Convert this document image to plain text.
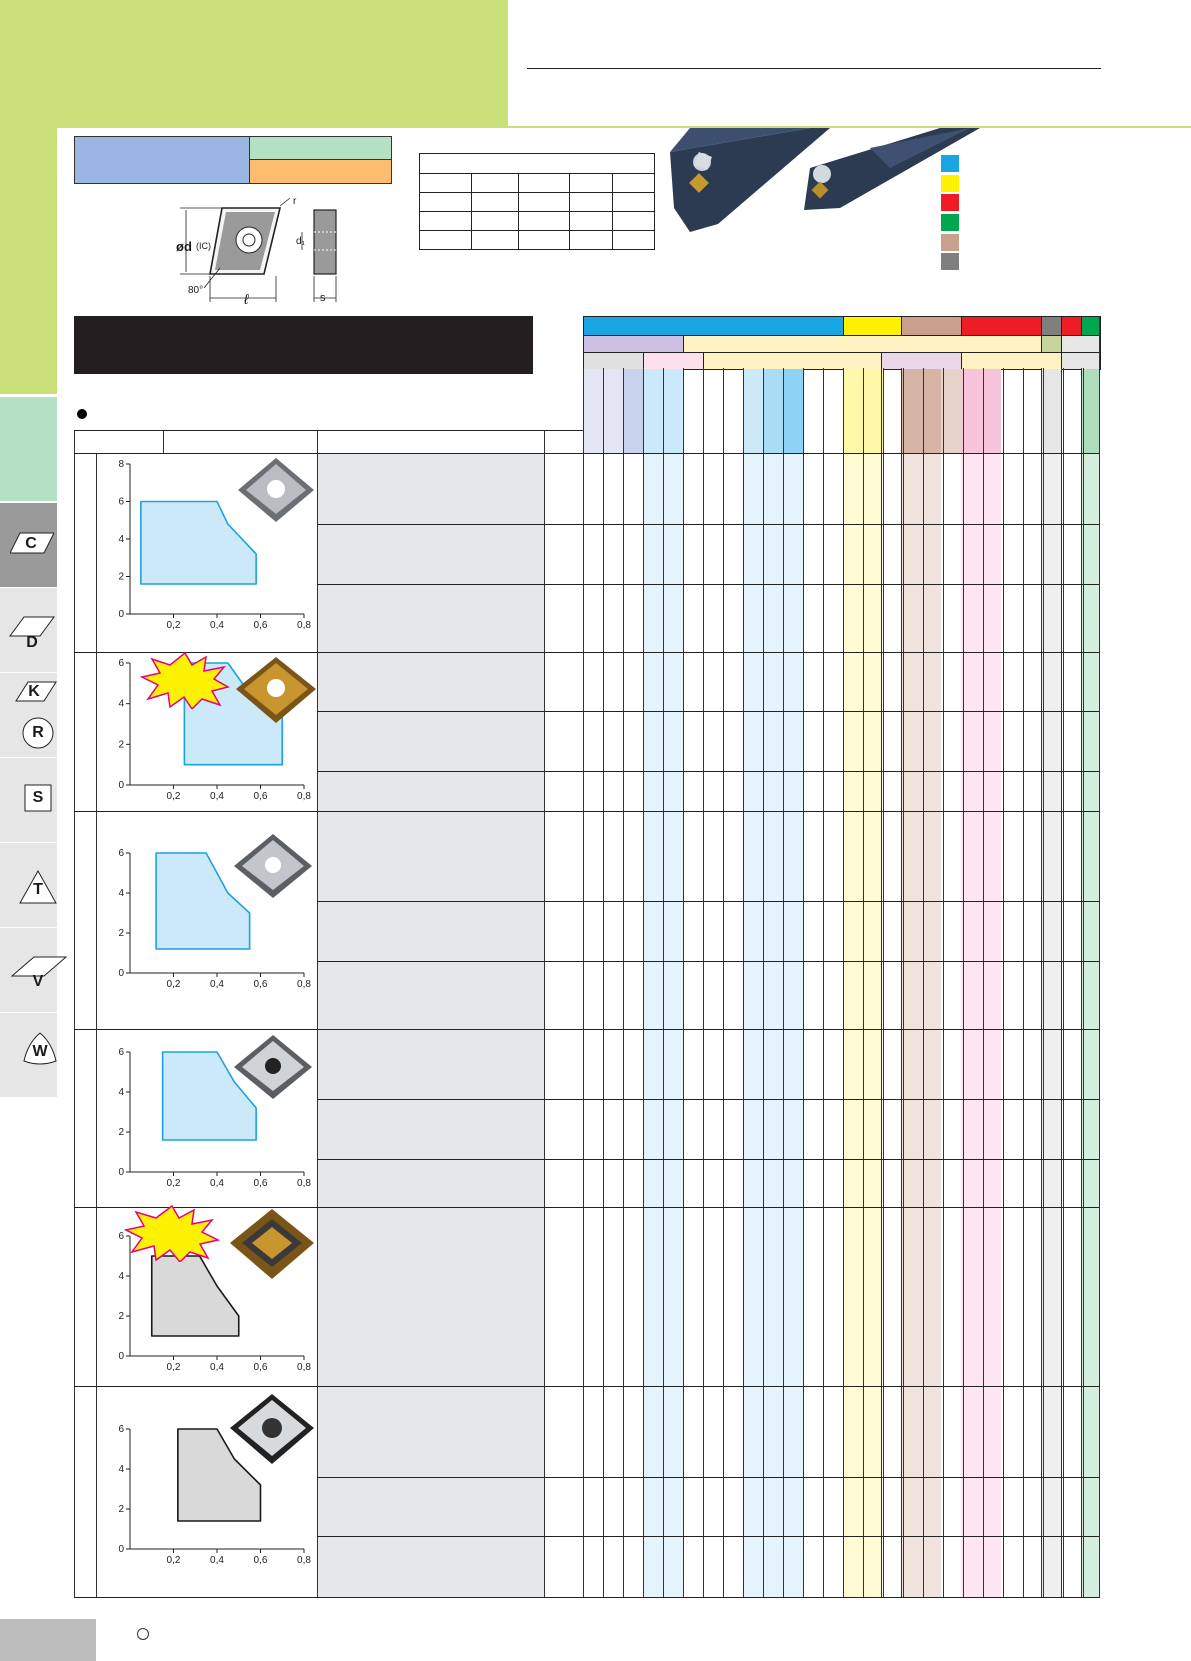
C
D
K
R
S
T
V
W
ød (IC)
r
d₁
80°
ℓ	s

0,2	0,4	0,6	0,8
0
2
4
6
8
0,2	0,4	0,6	0,8
0
2
4
6
0,2	0,4	0,6	0,8
0
2
4
6
0,2	0,4	0,6	0,8
0
2
4
6
0,2	0,4	0,6	0,8
0
2
4
6
0,2	0,4	0,6	0,8
0
2
4
6
